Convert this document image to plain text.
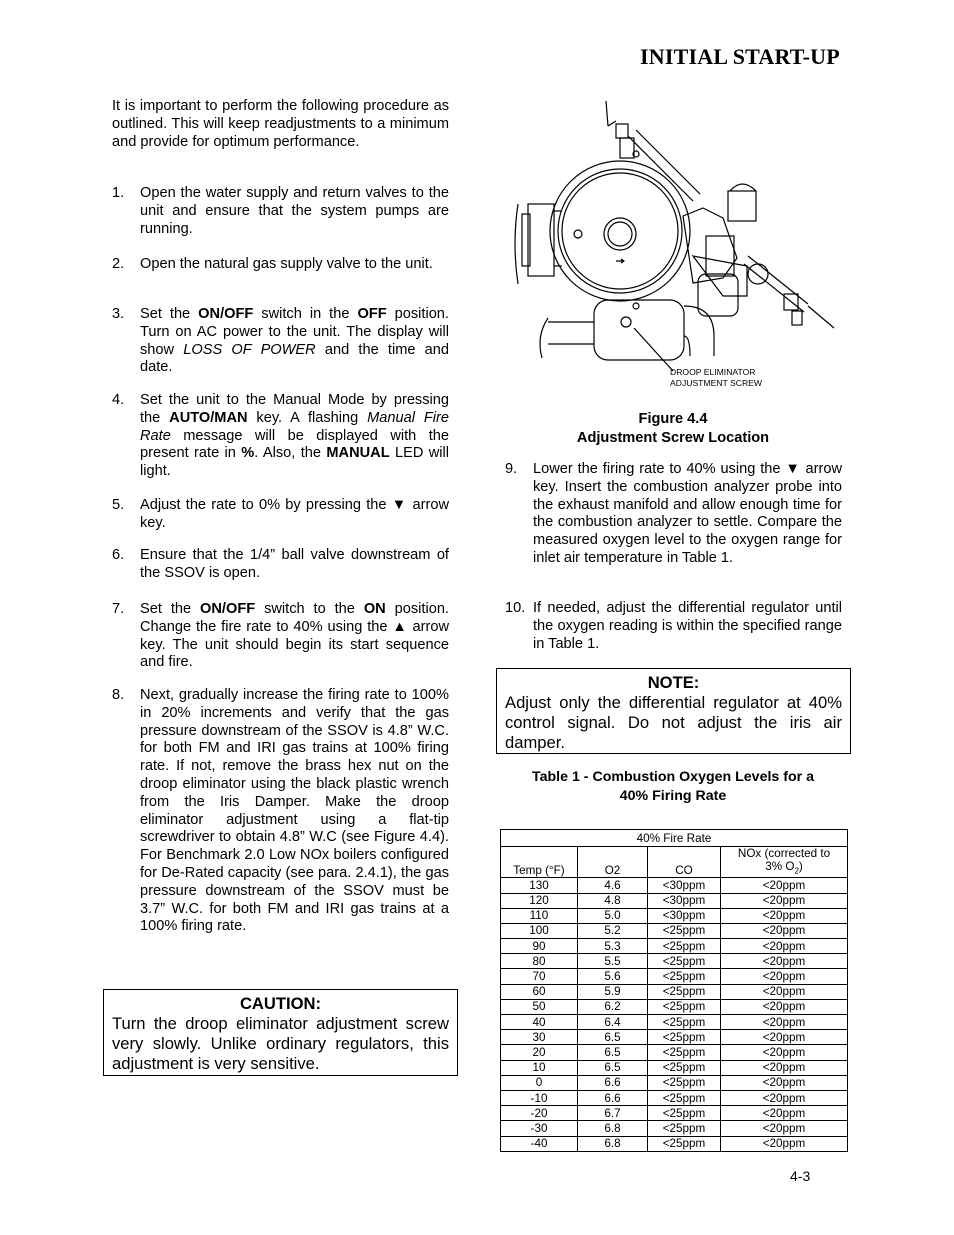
INITIAL START-UP
It is important to perform the following procedure as outlined. This will keep readjustments to a minimum and provide for optimum performance.
1. Open the water supply and return valves to the unit and ensure that the system pumps are running.
2. Open the natural gas supply valve to the unit.
3. Set the ON/OFF switch in the OFF position. Turn on AC power to the unit. The display will show LOSS OF POWER and the time and date.
4. Set the unit to the Manual Mode by pressing the AUTO/MAN key. A flashing Manual Fire Rate message will be displayed with the present rate in %. Also, the MANUAL LED will light.
5. Adjust the rate to 0% by pressing the ▼ arrow key.
6. Ensure that the 1/4” ball valve downstream of the SSOV is open.
7. Set the ON/OFF switch to the ON position. Change the fire rate to 40% using the ▲ arrow key. The unit should begin its start sequence and fire.
8. Next, gradually increase the firing rate to 100% in 20% increments and verify that the gas pressure downstream of the SSOV is 4.8” W.C. for both FM and IRI gas trains at 100% firing rate. If not, remove the brass hex nut on the droop eliminator using the black plastic wrench from the Iris Damper. Make the droop eliminator adjustment using a flat-tip screwdriver to obtain 4.8” W.C (see Figure 4.4). For Benchmark 2.0 Low NOx boilers configured for De-Rated capacity (see para. 2.4.1), the gas pressure downstream of the SSOV must be 3.7” W.C. for both FM and IRI gas trains at a 100% firing rate.
CAUTION:
Turn the droop eliminator adjustment screw very slowly. Unlike ordinary regulators, this adjustment is very sensitive.
DROOP ELIMINATOR
ADJUSTMENT SCREW
Figure 4.4
Adjustment Screw Location
9. Lower the firing rate to 40% using the ▼ arrow key. Insert the combustion analyzer probe into the exhaust manifold and allow enough time for the combustion analyzer to settle. Compare the measured oxygen level to the oxygen range for inlet air temperature in Table 1.
10. If needed, adjust the differential regulator until the oxygen reading is within the specified range in Table 1.
NOTE:
Adjust only the differential regulator at 40% control signal. Do not adjust the iris air damper.
Table 1 - Combustion Oxygen Levels for a
40% Firing Rate
40% Fire Rate			
Temp (°F)	O2	CO	NOx (corrected to
3% $O_2$)
130	4.6	<30ppm	<20ppm
120	4.8	<30ppm	<20ppm
110	5.0	<30ppm	<20ppm
100	5.2	<25ppm	<20ppm
90	5.3	<25ppm	<20ppm
80	5.5	<25ppm	<20ppm
70	5.6	<25ppm	<20ppm
60	5.9	<25ppm	<20ppm
50	6.2	<25ppm	<20ppm
40	6.4	<25ppm	<20ppm
30	6.5	<25ppm	<20ppm
20	6.5	<25ppm	<20ppm
10	6.5	<25ppm	<20ppm
0	6.6	<25ppm	<20ppm
-10	6.6	<25ppm	<20ppm
-20	6.7	<25ppm	<20ppm
-30	6.8	<25ppm	<20ppm
-40	6.8	<25ppm	<20ppm
4-3
